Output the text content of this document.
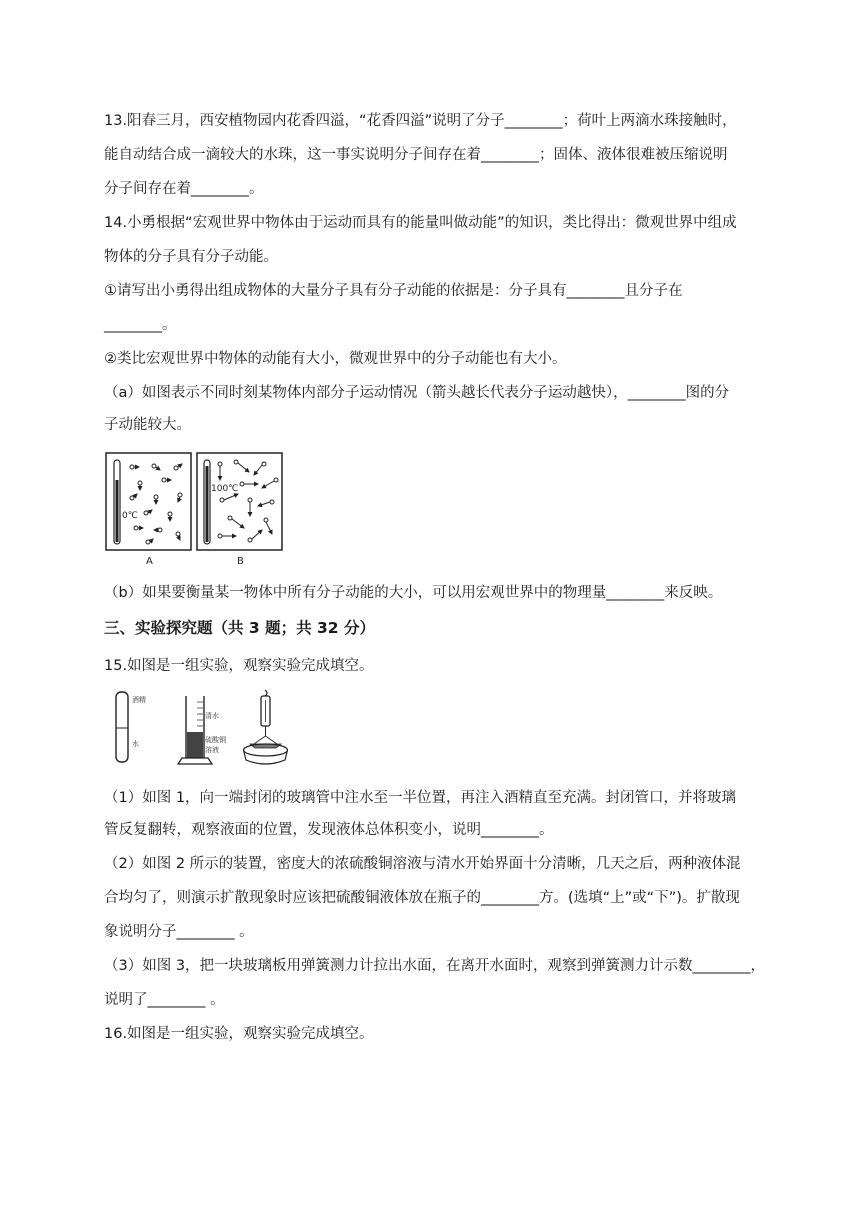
13.阳春三月，西安植物园内花香四溢，“花香四溢”说明了分子________；荷叶上两滴水珠接触时，
能自动结合成一滴较大的水珠，这一事实说明分子间存在着________；固体、液体很难被压缩说明
分子间存在着________。
14.小勇根据“宏观世界中物体由于运动而具有的能量叫做动能”的知识，类比得出：微观世界中组成
物体的分子具有分子动能。
①请写出小勇得出组成物体的大量分子具有分子动能的依据是：分子具有________且分子在
________。
②类比宏观世界中物体的动能有大小，微观世界中的分子动能也有大小。
（a）如图表示不同时刻某物体内部分子运动情况（箭头越长代表分子运动越快），________图的分
子动能较大。
0℃
A
100℃
B
（b）如果要衡量某一物体中所有分子动能的大小，可以用宏观世界中的物理量________来反映。
三、实验探究题（共 3 题；共 32 分）
15.如图是一组实验，观察实验完成填空。
酒精
水
清水
硫酸铜
溶液
（1）如图 1，向一端封闭的玻璃管中注水至一半位置，再注入酒精直至充满。封闭管口，并将玻璃
管反复翻转，观察液面的位置，发现液体总体积变小，说明________。
（2）如图 2 所示的装置，密度大的浓硫酸铜溶液与清水开始界面十分清晰，几天之后，两种液体混
合均匀了，则演示扩散现象时应该把硫酸铜液体放在瓶子的________方。(选填“上”或“下”)。扩散现
象说明分子________ 。
（3）如图 3，把一块玻璃板用弹簧测力计拉出水面，在离开水面时，观察到弹簧测力计示数________，
说明了________ 。
16.如图是一组实验，观察实验完成填空。
